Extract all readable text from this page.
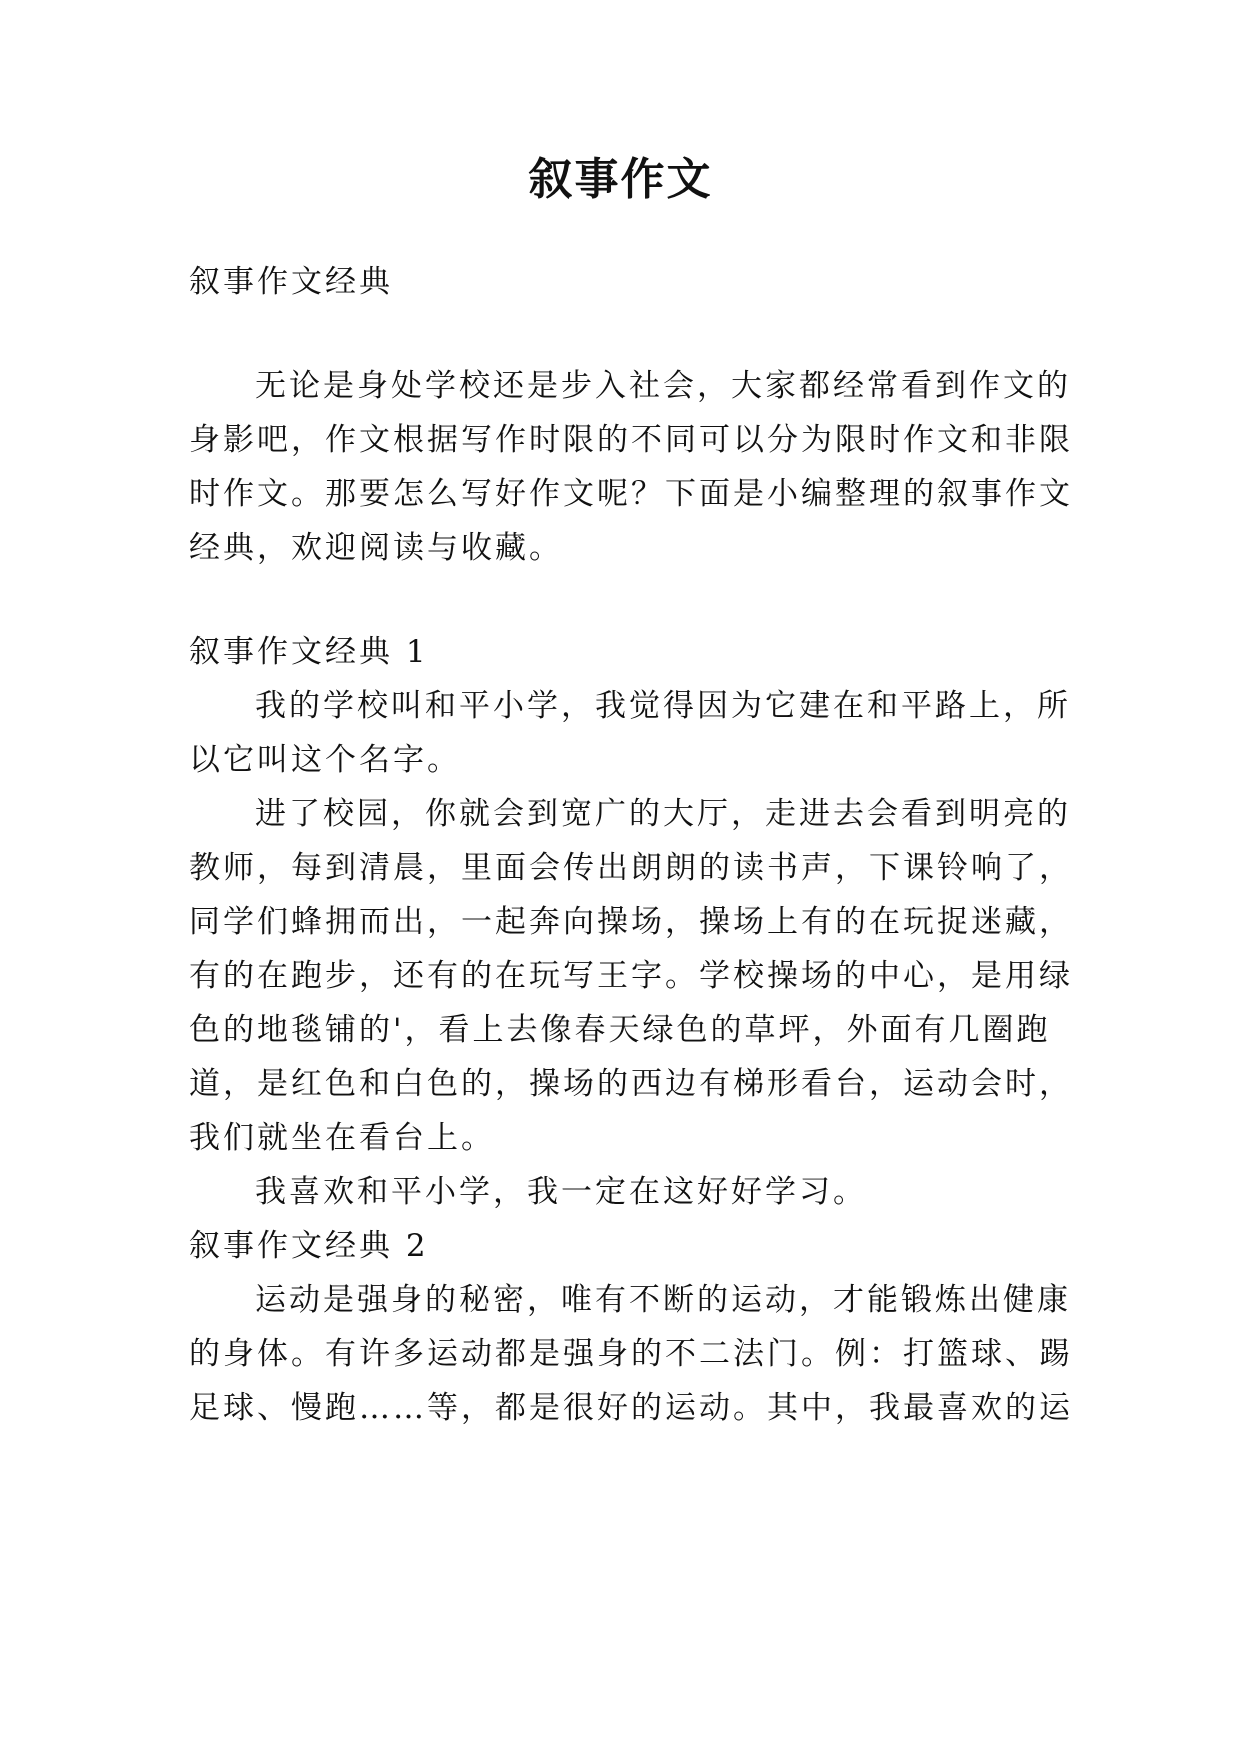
叙事作文
叙事作文经典
无论是身处学校还是步入社会，大家都经常看到作文的
身影吧，作文根据写作时限的不同可以分为限时作文和非限
时作文。那要怎么写好作文呢？下面是小编整理的叙事作文
经典，欢迎阅读与收藏。
叙事作文经典 1
我的学校叫和平小学，我觉得因为它建在和平路上，所
以它叫这个名字。
进了校园，你就会到宽广的大厅，走进去会看到明亮的
教师，每到清晨，里面会传出朗朗的读书声，下课铃响了，
同学们蜂拥而出，一起奔向操场，操场上有的在玩捉迷藏，
有的在跑步，还有的在玩写王字。学校操场的中心，是用绿
色的地毯铺的'，看上去像春天绿色的草坪，外面有几圈跑
道，是红色和白色的，操场的西边有梯形看台，运动会时，
我们就坐在看台上。
我喜欢和平小学，我一定在这好好学习。
叙事作文经典 2
运动是强身的秘密，唯有不断的运动，才能锻炼出健康
的身体。有许多运动都是强身的不二法门。例：打篮球、踢
足球、慢跑……等，都是很好的运动。其中，我最喜欢的运
